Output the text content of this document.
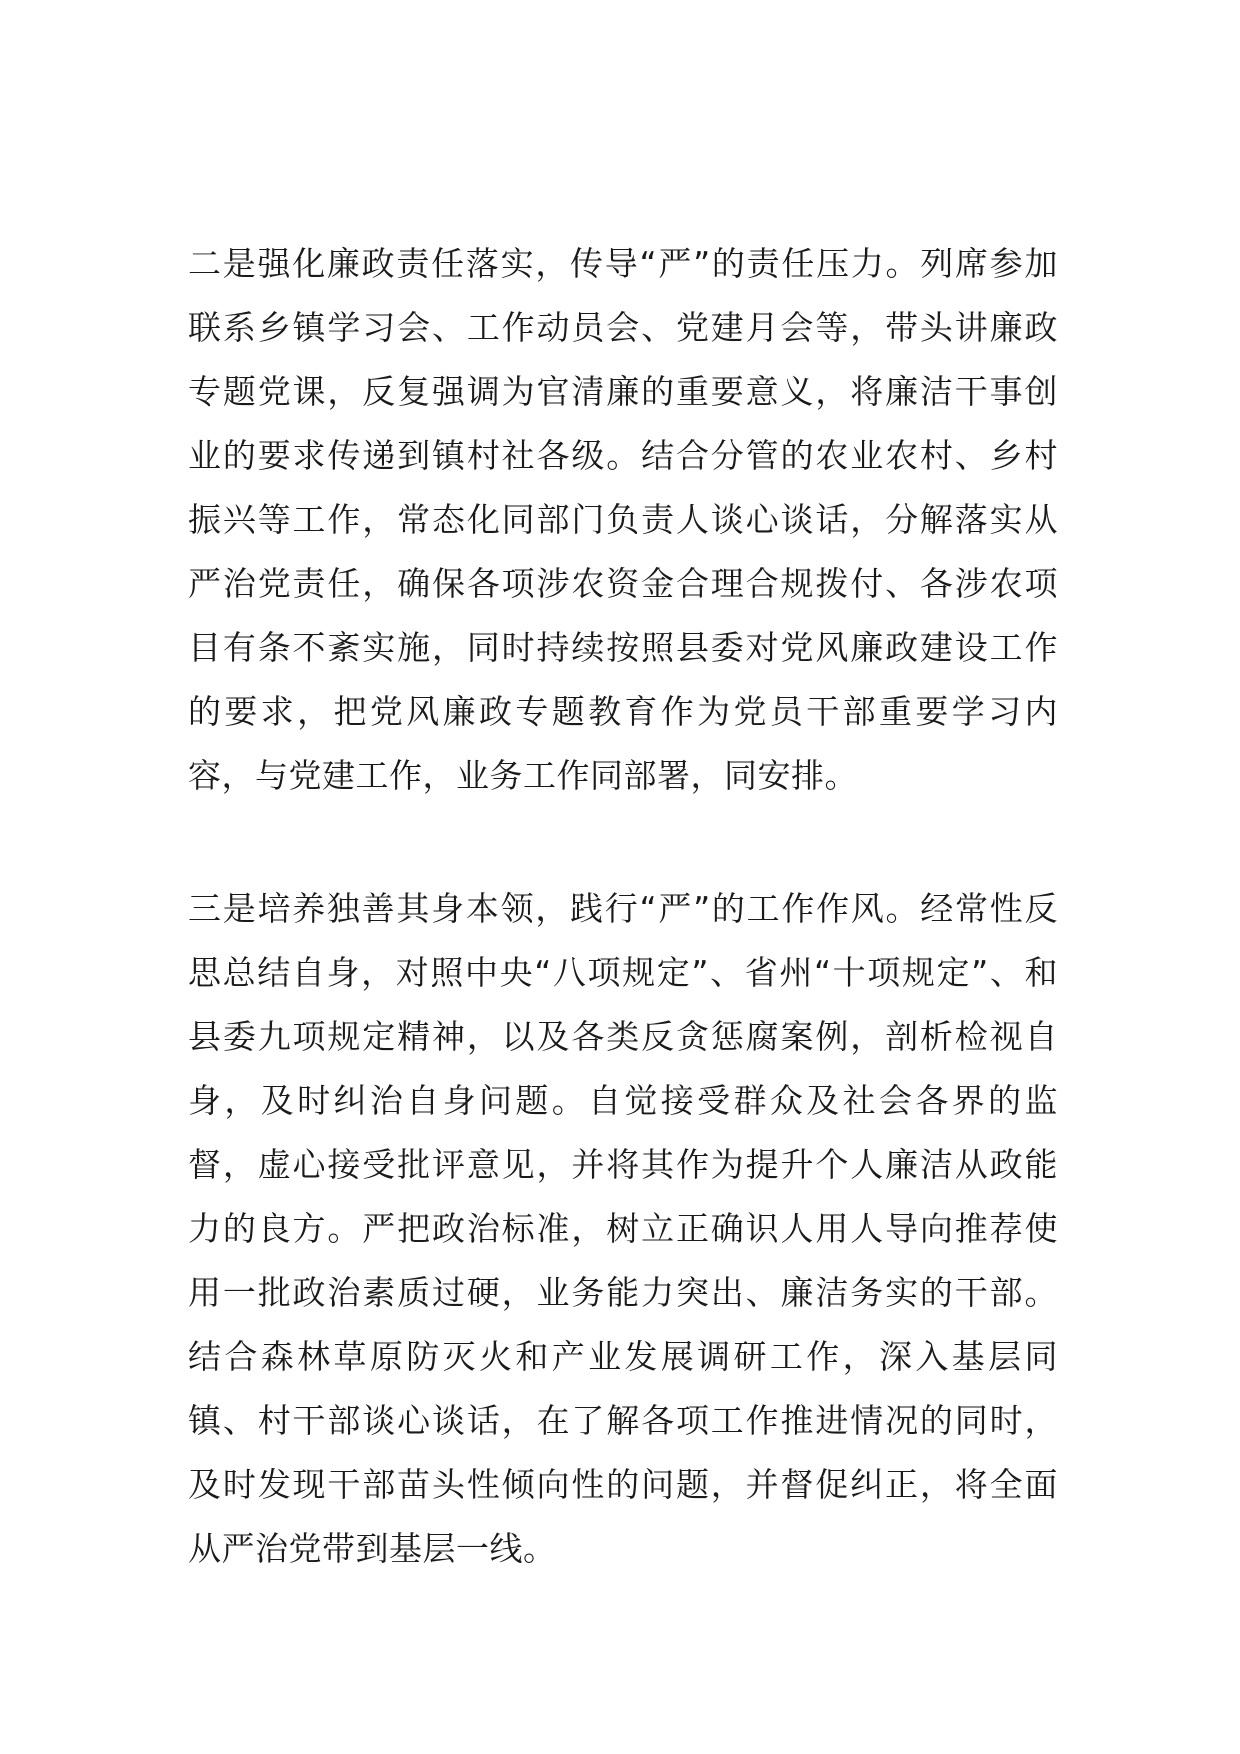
二是强化廉政责任落实，传导“严”的责任压力。列席参加联系乡镇学习会、工作动员会、党建月会等，带头讲廉政专题党课，反复强调为官清廉的重要意义，将廉洁干事创业的要求传递到镇村社各级。结合分管的农业农村、乡村振兴等工作，常态化同部门负责人谈心谈话，分解落实从严治党责任，确保各项涉农资金合理合规拨付、各涉农项目有条不紊实施，同时持续按照县委对党风廉政建设工作的要求，把党风廉政专题教育作为党员干部重要学习内容，与党建工作，业务工作同部署，同安排。

三是培养独善其身本领，践行“严”的工作作风。经常性反思总结自身，对照中央“八项规定”、省州“十项规定”、和县委九项规定精神，以及各类反贪惩腐案例，剖析检视自身，及时纠治自身问题。自觉接受群众及社会各界的监督，虚心接受批评意见，并将其作为提升个人廉洁从政能力的良方。严把政治标准，树立正确识人用人导向推荐使用一批政治素质过硬，业务能力突出、廉洁务实的干部。结合森林草原防灭火和产业发展调研工作，深入基层同镇、村干部谈心谈话，在了解各项工作推进情况的同时，及时发现干部苗头性倾向性的问题，并督促纠正，将全面从严治党带到基层一线。
